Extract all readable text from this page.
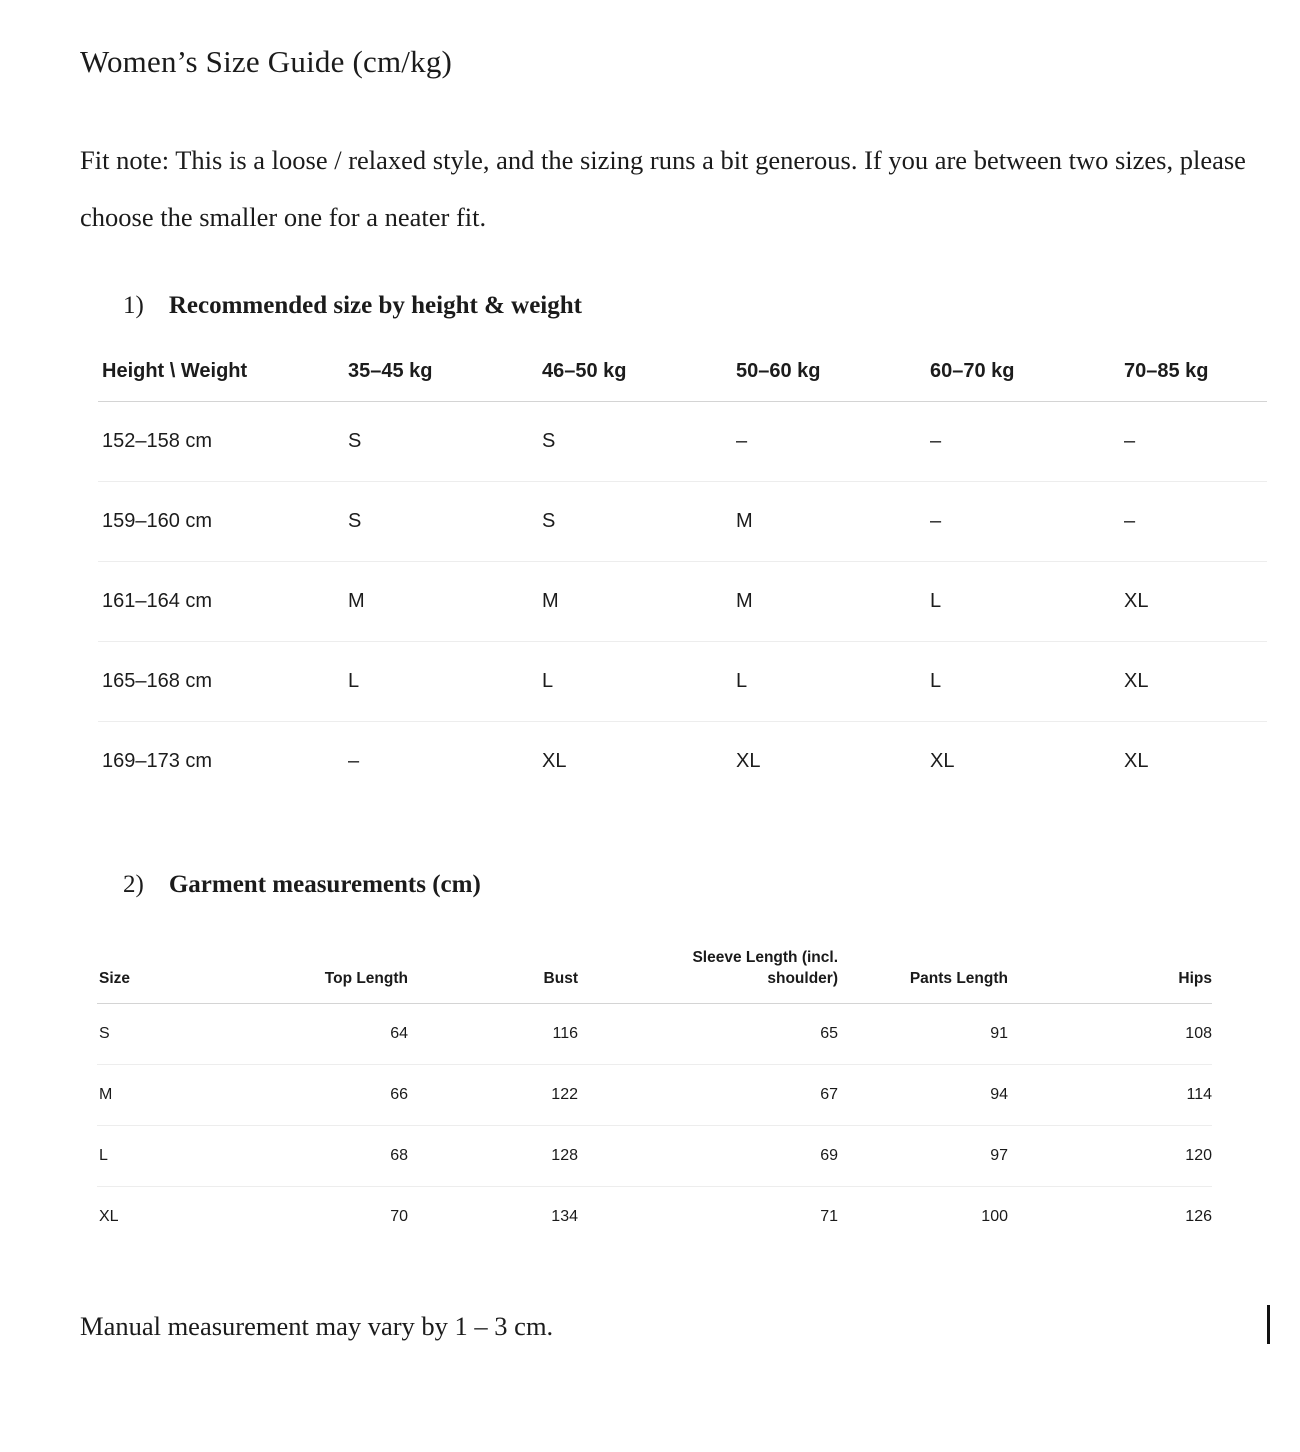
Women’s Size Guide (cm/kg)

Fit note: This is a loose / relaxed style, and the sizing runs a bit generous. If you are between two sizes, please choose the smaller one for a neater fit.

1) Recommended size by height & weight
Height \ Weight	35–45 kg	46–50 kg	50–60 kg	60–70 kg	70–85 kg
152–158 cm	S	S	–	–	–
159–160 cm	S	S	M	–	–
161–164 cm	M	M	M	L	XL
165–168 cm	L	L	L	L	XL
169–173 cm	–	XL	XL	XL	XL
2) Garment measurements (cm)
Size	Top Length	Bust	Sleeve Length (incl. shoulder)	Pants Length	Hips
S	64	116	65	91	108
M	66	122	67	94	114
L	68	128	69	97	120
XL	70	134	71	100	126

Manual measurement may vary by 1 – 3 cm.
